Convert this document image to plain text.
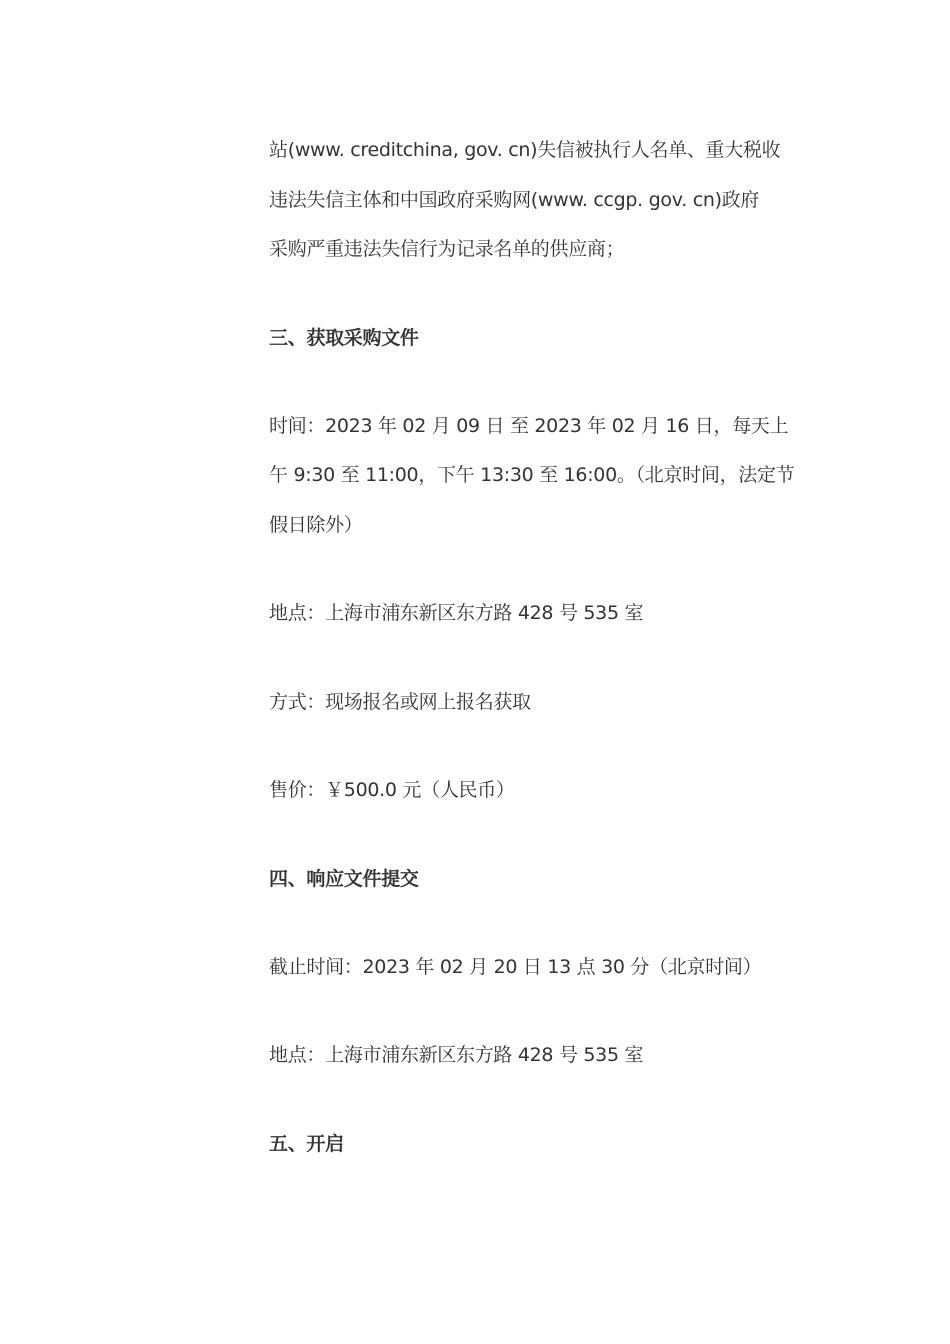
站(www. creditchina, gov. cn)失信被执行人名单、重大税收
违法失信主体和中国政府采购网(www. ccgp. gov. cn)政府
采购严重违法失信行为记录名单的供应商；
三、获取采购文件
时间：2023 年 02 月 09 日 至 2023 年 02 月 16 日，每天上
午 9:30 至 11:00，下午 13:30 至 16:00。（北京时间，法定节
假日除外）
地点：上海市浦东新区东方路 428 号 535 室
方式：现场报名或网上报名获取
售价：￥500.0 元（人民币）
四、响应文件提交
截止时间：2023 年 02 月 20 日 13 点 30 分（北京时间）
地点：上海市浦东新区东方路 428 号 535 室
五、开启
